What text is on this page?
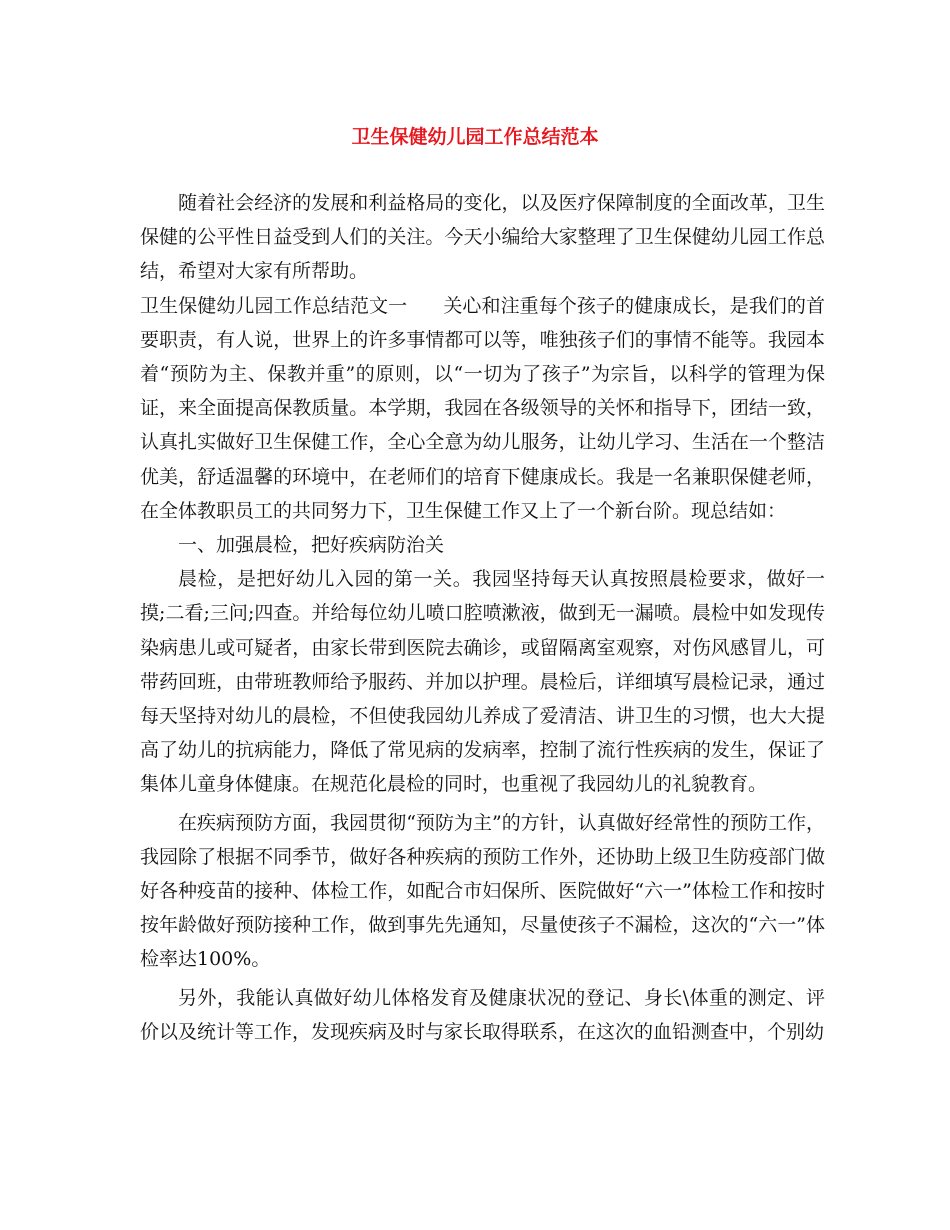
卫生保健幼儿园工作总结范本

随着社会经济的发展和利益格局的变化，以及医疗保障制度的全面改革，卫生保健的公平性日益受到人们的关注。今天小编给大家整理了卫生保健幼儿园工作总结，希望对大家有所帮助。

卫生保健幼儿园工作总结范文一 关心和注重每个孩子的健康成长，是我们的首要职责，有人说，世界上的许多事情都可以等，唯独孩子们的事情不能等。我园本着“预防为主、保教并重”的原则，以“一切为了孩子”为宗旨，以科学的管理为保证，来全面提高保教质量。本学期，我园在各级领导的关怀和指导下，团结一致，认真扎实做好卫生保健工作，全心全意为幼儿服务，让幼儿学习、生活在一个整洁优美，舒适温馨的环境中，在老师们的培育下健康成长。我是一名兼职保健老师，在全体教职员工的共同努力下，卫生保健工作又上了一个新台阶。现总结如：

一、加强晨检，把好疾病防治关

晨检，是把好幼儿入园的第一关。我园坚持每天认真按照晨检要求，做好一摸;二看;三问;四查。并给每位幼儿喷口腔喷漱液，做到无一漏喷。晨检中如发现传染病患儿或可疑者，由家长带到医院去确诊，或留隔离室观察，对伤风感冒儿，可带药回班，由带班教师给予服药、并加以护理。晨检后，详细填写晨检记录，通过每天坚持对幼儿的晨检，不但使我园幼儿养成了爱清洁、讲卫生的习惯，也大大提高了幼儿的抗病能力，降低了常见病的发病率，控制了流行性疾病的发生，保证了集体儿童身体健康。在规范化晨检的同时，也重视了我园幼儿的礼貌教育。

在疾病预防方面，我园贯彻“预防为主”的方针，认真做好经常性的预防工作，我园除了根据不同季节，做好各种疾病的预防工作外，还协助上级卫生防疫部门做好各种疫苗的接种、体检工作，如配合市妇保所、医院做好“六一”体检工作和按时按年龄做好预防接种工作，做到事先先通知，尽量使孩子不漏检，这次的“六一”体检率达100%。

另外，我能认真做好幼儿体格发育及健康状况的登记、身长\体重的测定、评价以及统计等工作，发现疾病及时与家长取得联系，在这次的血铅测查中，个别幼
